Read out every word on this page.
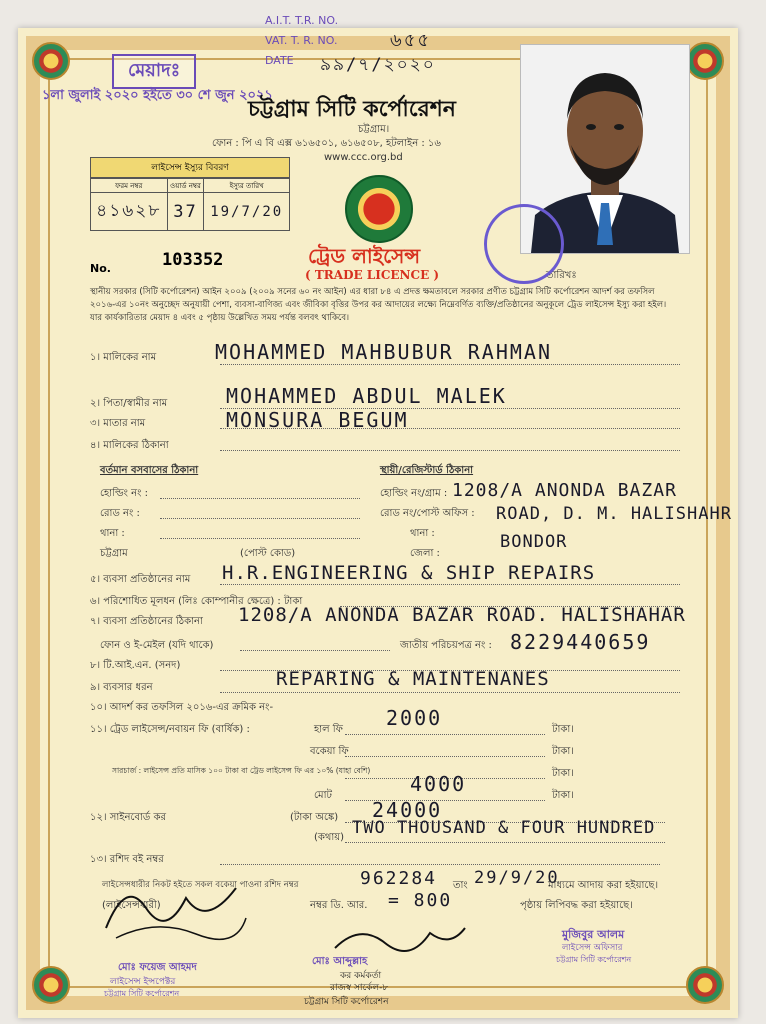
A.I.T. T.R. NO.
VAT. T. R. NO.	৬৫৫
DATE ৯৯/৭/২০২০
মেয়াদঃ
১লা জুলাই ২০২০ হইতে ৩০ শে জুন ২০২১
চট্টগ্রাম সিটি কর্পোরেশন
চট্টগ্রাম।
ফোন : পি এ বি এক্স ৬১৬৫০১, ৬১৬৫০৮, হটলাইন : ১৬
www.ccc.org.bd
লাইসেন্স ইস্যুর বিবরণ
ফরম নম্বর	ওয়ার্ড নম্বর	ইস্যুর তারিখ
৪১৬২৮	37	19/7/20
No.	103352	ট্রেড লাইসেন্স
( TRADE LICENCE )	তারিখঃ
স্থানীয় সরকার (সিটি কর্পোরেশন) আইন ২০০৯ (২০০৯ সনের ৬০ নং আইন) এর ধারা ৮৪ এ প্রদত্ত ক্ষমতাবলে সরকার প্রণীত চট্টগ্রাম সিটি কর্পোরেশন আদর্শ কর তফসিল ২০১৬-এর ১০নং অনুচ্ছেদ অনুযায়ী পেশা, ব্যবসা-বাণিজ্য এবং জীবিকা বৃত্তির উপর কর আদায়ের লক্ষ্যে নিম্নেবর্ণিত ব্যক্তি/প্রতিষ্ঠানের অনুকূলে ট্রেড লাইসেন্স ইস্যু করা হইল। যার কার্যকারিতার মেয়াদ ৪ এবং ৫ পৃষ্ঠায় উল্লেখিত সময় পর্যন্ত বলবৎ থাকিবে।
১। মালিকের নাম	MOHAMMED MAHBUBUR RAHMAN
২। পিতা/স্বামীর নাম	MOHAMMED ABDUL MALEK
৩। মাতার নাম	MONSURA BEGUM
৪। মালিকের ঠিকানা
বর্তমান বসবাসের ঠিকানা	স্থায়ী/রেজিস্টার্ড ঠিকানা
হোল্ডিং নং :	হোল্ডিং নং/গ্রাম : 1208/A ANONDA BAZAR
রোড নং :	রোড নং/পোস্ট অফিস : ROAD, D. M. HALISHAHR
থানা :	থানা :
চট্টগ্রাম	(পোস্ট কোড)	জেলা :
BONDOR
৫। ব্যবসা প্রতিষ্ঠানের নাম H.R.ENGINEERING & SHIP REPAIRS
৬। পরিশোধিত মূলধন (লিঃ কোম্পানীর ক্ষেত্রে) : টাকা
৭। ব্যবসা প্রতিষ্ঠানের ঠিকানা 1208/A ANONDA BAZAR ROAD. HALISHAHAR
ফোন ও ই-মেইল (যদি থাকে)	জাতীয় পরিচয়পত্র নং : 8229440659
৮। টি.আই.এন. (সনদ)
৯। ব্যবসার ধরন	REPARING & MAINTENANES
১০। আদর্শ কর তফসিল ২০১৬-এর ক্রমিক নং-
১১। ট্রেড লাইসেন্স/নবায়ন ফি (বার্ষিক) :	হাল ফি 2000	টাকা।
বকেয়া ফি	টাকা।
সারচার্জ : লাইসেন্স প্রতি মাসিক ১০০ টাকা বা ট্রেড লাইসেন্স ফি এর ১০% (যাহা বেশি)	টাকা।
মোট	4000	টাকা।
১২। সাইনবোর্ড কর	(টাকা অঙ্কে) 24000
(কথায়) TWO THOUSAND & FOUR HUNDRED
১৩। রশিদ বই নম্বর
লাইসেন্সধারীর নিকট হইতে সকল বকেয়া পাওনা রশিদ নম্বর	962284 তাং 29/9/20
মাধ্যমে আদায় করা হইয়াছে।
(লাইসেন্সধারী)	নম্বর ডি. আর. = 800	পৃষ্ঠায় লিপিবদ্ধ করা হইয়াছে।
মোঃ ফয়েজ আহমদ
লাইসেন্স ইন্সপেক্টর
চট্টগ্রাম সিটি কর্পোরেশন
মোঃ আব্দুল্লাহ
কর কর্মকর্তা
রাজস্ব সার্কেল-৮
চট্টগ্রাম সিটি কর্পোরেশন
মুজিবুর আলম
লাইসেন্স অফিসার
চট্টগ্রাম সিটি কর্পোরেশন
